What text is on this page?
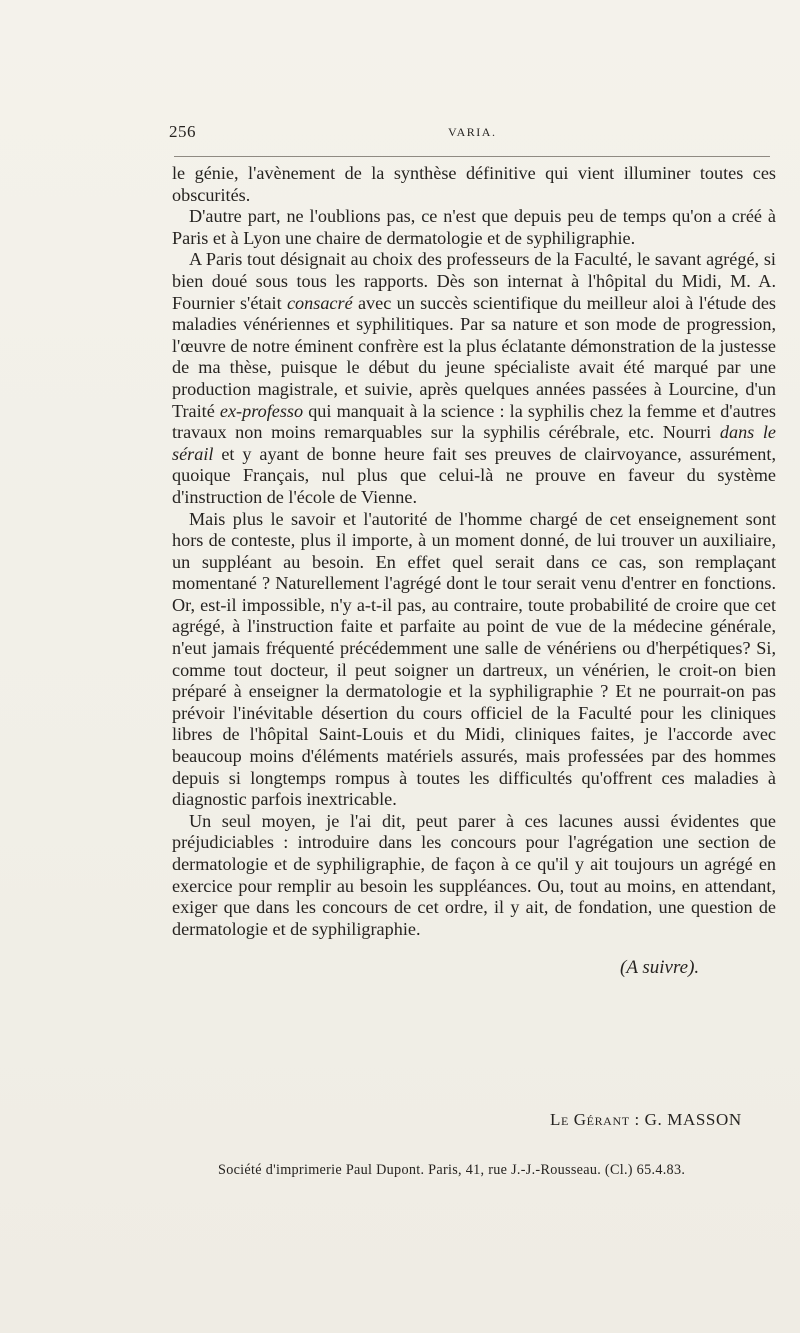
256	VARIA.

le génie, l'avènement de la synthèse définitive qui vient illuminer toutes ces obscurités.

D'autre part, ne l'oublions pas, ce n'est que depuis peu de temps qu'on a créé à Paris et à Lyon une chaire de dermatologie et de syphiligraphie.

A Paris tout désignait au choix des professeurs de la Faculté, le savant agrégé, si bien doué sous tous les rapports. Dès son internat à l'hôpital du Midi, M. A. Fournier s'était consacré avec un succès scientifique du meilleur aloi à l'étude des maladies vénériennes et syphilitiques. Par sa nature et son mode de progression, l'œuvre de notre éminent confrère est la plus éclatante démonstration de la justesse de ma thèse, puisque le début du jeune spécialiste avait été marqué par une production magistrale, et suivie, après quelques années passées à Lourcine, d'un Traité ex-professo qui manquait à la science : la syphilis chez la femme et d'autres travaux non moins remarquables sur la syphilis cérébrale, etc. Nourri dans le sérail et y ayant de bonne heure fait ses preuves de clairvoyance, assurément, quoique Français, nul plus que celui-là ne prouve en faveur du système d'instruction de l'école de Vienne.

Mais plus le savoir et l'autorité de l'homme chargé de cet enseignement sont hors de conteste, plus il importe, à un moment donné, de lui trouver un auxiliaire, un suppléant au besoin. En effet quel serait dans ce cas, son remplaçant momentané ? Naturellement l'agrégé dont le tour serait venu d'entrer en fonctions. Or, est-il impossible, n'y a-t-il pas, au contraire, toute probabilité de croire que cet agrégé, à l'instruction faite et parfaite au point de vue de la médecine générale, n'eut jamais fréquenté précédemment une salle de vénériens ou d'herpétiques? Si, comme tout docteur, il peut soigner un dartreux, un vénérien, le croit-on bien préparé à enseigner la dermatologie et la syphiligraphie ? Et ne pourrait-on pas prévoir l'inévitable désertion du cours officiel de la Faculté pour les cliniques libres de l'hôpital Saint-Louis et du Midi, cliniques faites, je l'accorde avec beaucoup moins d'éléments matériels assurés, mais professées par des hommes depuis si longtemps rompus à toutes les difficultés qu'offrent ces maladies à diagnostic parfois inextricable.

Un seul moyen, je l'ai dit, peut parer à ces lacunes aussi évidentes que préjudiciables : introduire dans les concours pour l'agrégation une section de dermatologie et de syphiligraphie, de façon à ce qu'il y ait toujours un agrégé en exercice pour remplir au besoin les suppléances. Ou, tout au moins, en attendant, exiger que dans les concours de cet ordre, il y ait, de fondation, une question de dermatologie et de syphiligraphie.

(A suivre).
Le Gérant : G. MASSON
Société d'imprimerie Paul Dupont. Paris, 41, rue J.-J.-Rousseau. (Cl.) 65.4.83.
